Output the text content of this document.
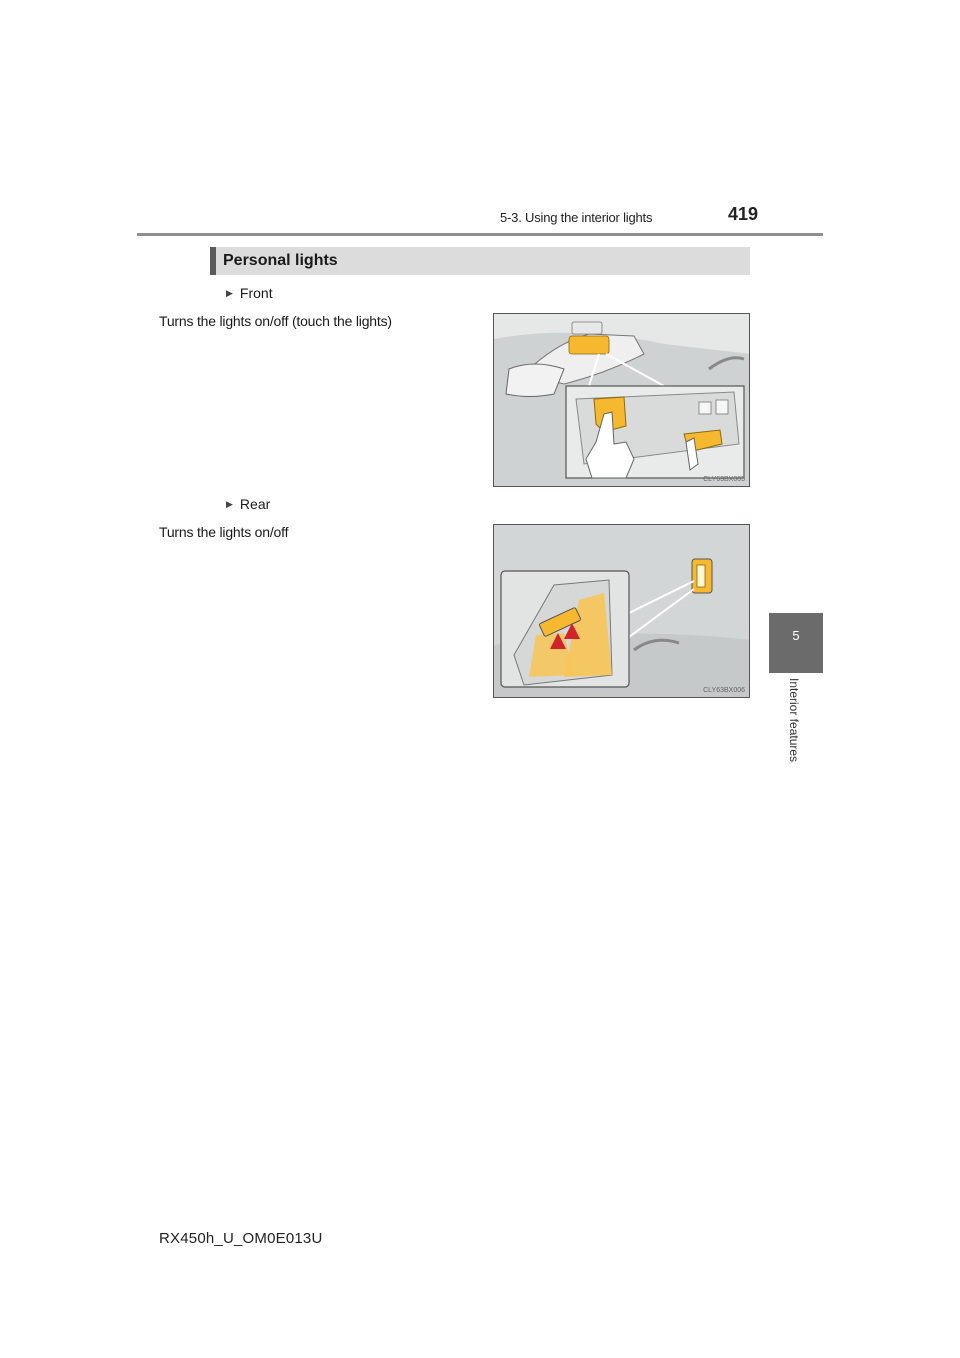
5-3. Using the interior lights	419
Personal lights
▶ Front
Turns the lights on/off (touch the lights)
CLY63BX005
▶ Rear
Turns the lights on/off
CLY63BX006
5
Interior features
RX450h_U_OM0E013U
